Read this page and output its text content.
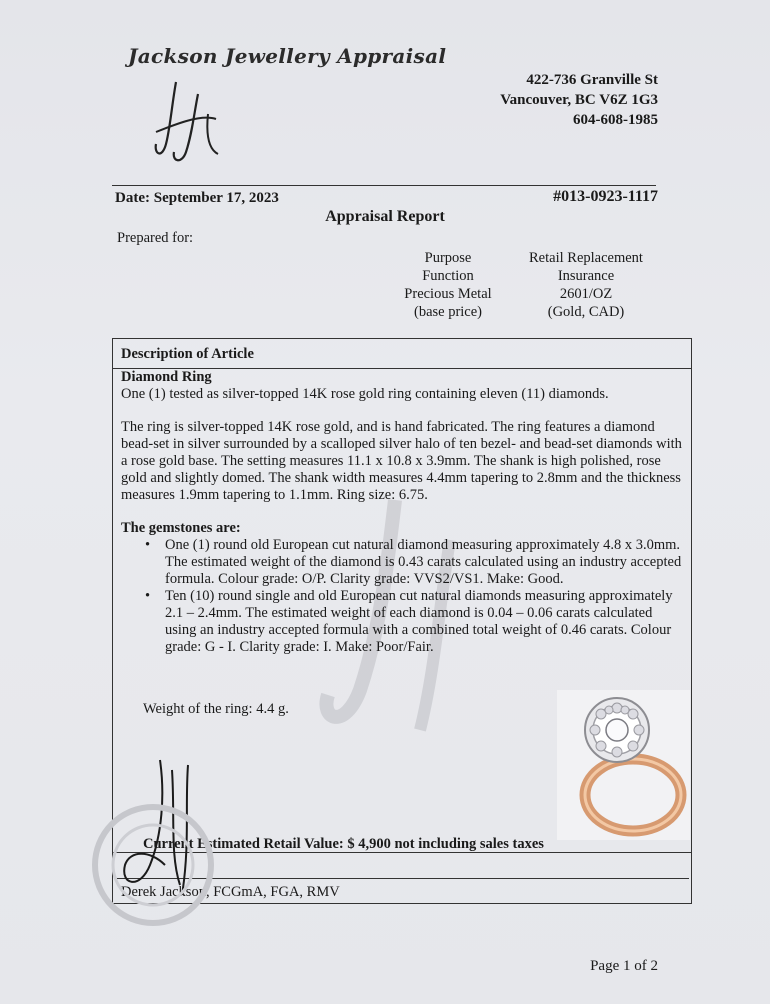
Jackson Jewellery Appraisal
422-736 Granville St
Vancouver, BC V6Z 1G3
604-608-1985
Date: September 17, 2023	#013-0923-1117
Appraisal Report
Prepared for:
Purpose
Function
Precious Metal
(base price)
Retail Replacement
Insurance
2601/OZ
(Gold, CAD)
Description of Article
Diamond Ring

One (1) tested as silver-topped 14K rose gold ring containing eleven (11) diamonds.

The ring is silver-topped 14K rose gold, and is hand fabricated. The ring features a diamond bead-set in silver surrounded by a scalloped silver halo of ten bezel- and bead-set diamonds with a rose gold base. The setting measures 11.1 x 10.8 x 3.9mm. The shank is high polished, rose gold and slightly domed. The shank width measures 4.4mm tapering to 2.8mm and the thickness measures 1.9mm tapering to 1.1mm. Ring size: 6.75.

The gemstones are:
• One (1) round old European cut natural diamond measuring approximately 4.8 x 3.0mm. The estimated weight of the diamond is 0.43 carats calculated using an industry accepted formula. Colour grade: O/P. Clarity grade: VVS2/VS1. Make: Good.
• Ten (10) round single and old European cut natural diamonds measuring approximately 2.1 – 2.4mm. The estimated weight of each diamond is 0.04 – 0.06 carats calculated using an industry accepted formula with a combined total weight of 0.46 carats. Colour grade: G - I. Clarity grade: I. Make: Poor/Fair.
Weight of the ring: 4.4 g.
Current Estimated Retail Value: $ 4,900 not including sales taxes
Derek Jackson, FCGmA, FGA, RMV
Page 1 of 2
